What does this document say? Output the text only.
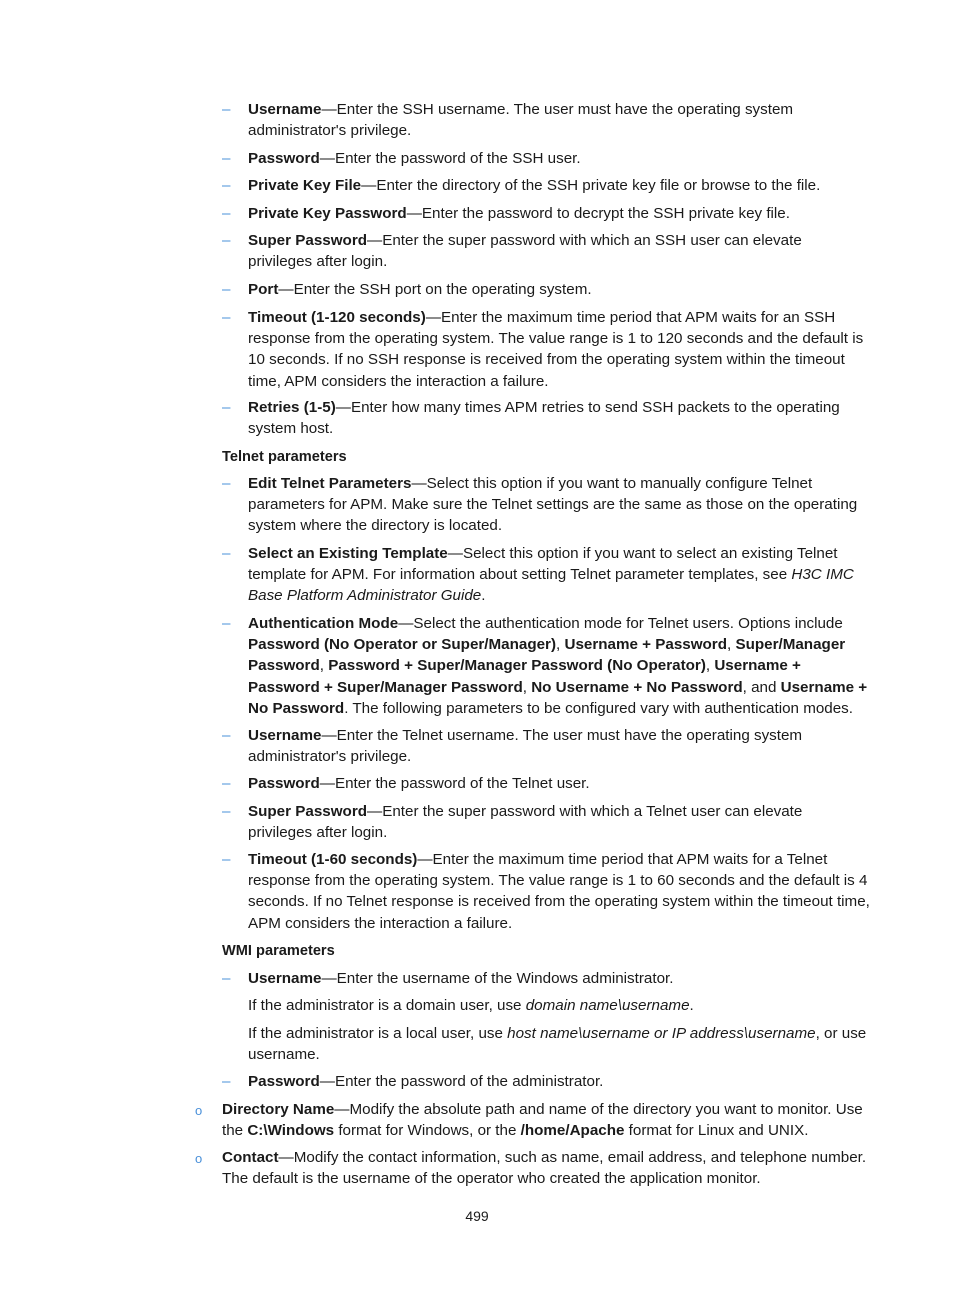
– Username—Enter the SSH username. The user must have the operating system administrator's privilege.
– Password—Enter the password of the SSH user.
– Private Key File—Enter the directory of the SSH private key file or browse to the file.
– Private Key Password—Enter the password to decrypt the SSH private key file.
– Super Password—Enter the super password with which an SSH user can elevate privileges after login.
– Port—Enter the SSH port on the operating system.
– Timeout (1-120 seconds)—Enter the maximum time period that APM waits for an SSH response from the operating system. The value range is 1 to 120 seconds and the default is 10 seconds. If no SSH response is received from the operating system within the timeout time, APM considers the interaction a failure.
– Retries (1-5)—Enter how many times APM retries to send SSH packets to the operating system host.
Telnet parameters
– Edit Telnet Parameters—Select this option if you want to manually configure Telnet parameters for APM. Make sure the Telnet settings are the same as those on the operating system where the directory is located.
– Select an Existing Template—Select this option if you want to select an existing Telnet template for APM. For information about setting Telnet parameter templates, see H3C IMC Base Platform Administrator Guide.
– Authentication Mode—Select the authentication mode for Telnet users. Options include Password (No Operator or Super/Manager), Username + Password, Super/Manager Password, Password + Super/Manager Password (No Operator), Username + Password + Super/Manager Password, No Username + No Password, and Username + No Password. The following parameters to be configured vary with authentication modes.
– Username—Enter the Telnet username. The user must have the operating system administrator's privilege.
– Password—Enter the password of the Telnet user.
– Super Password—Enter the super password with which a Telnet user can elevate privileges after login.
– Timeout (1-60 seconds)—Enter the maximum time period that APM waits for a Telnet response from the operating system. The value range is 1 to 60 seconds and the default is 4 seconds. If no Telnet response is received from the operating system within the timeout time, APM considers the interaction a failure.
WMI parameters
– Username—Enter the username of the Windows administrator.
If the administrator is a domain user, use domain name\username.
If the administrator is a local user, use host name\username or IP address\username, or use username.
– Password—Enter the password of the administrator.
o Directory Name—Modify the absolute path and name of the directory you want to monitor. Use the C:\Windows format for Windows, or the /home/Apache format for Linux and UNIX.
o Contact—Modify the contact information, such as name, email address, and telephone number. The default is the username of the operator who created the application monitor.
499
